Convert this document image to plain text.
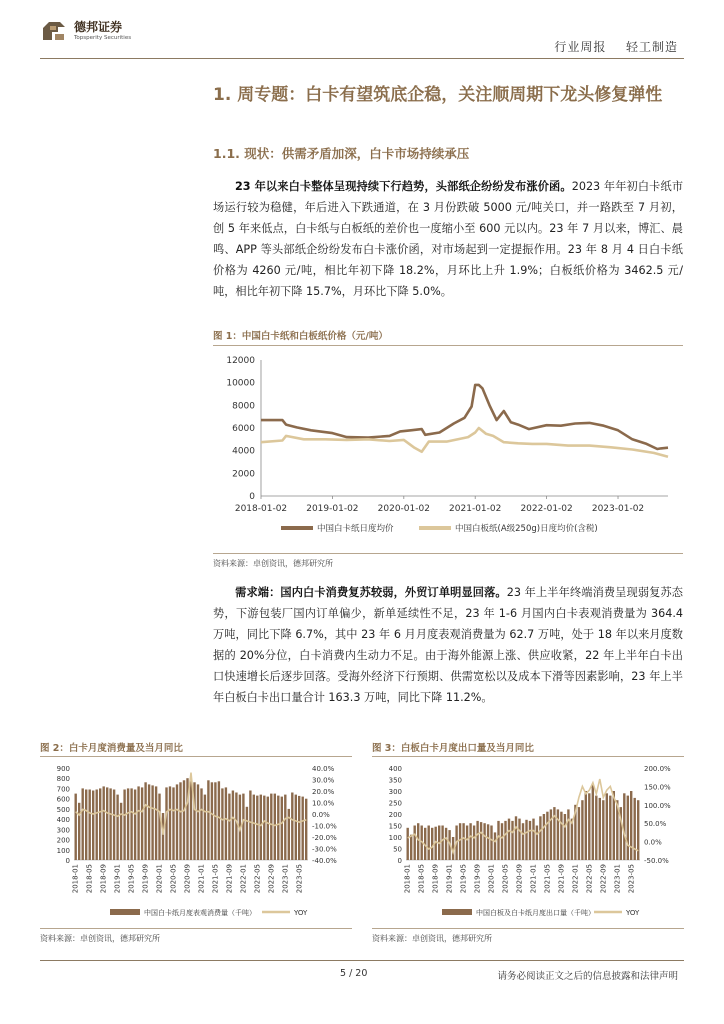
德邦证券
Topsperity Securities
行业周报 轻工制造
1. 周专题：白卡有望筑底企稳，关注顺周期下龙头修复弹性
1.1. 现状：供需矛盾加深，白卡市场持续承压
23 年以来白卡整体呈现持续下行趋势，头部纸企纷纷发布涨价函。2023 年年初白卡纸市场运行较为稳健，年后进入下跌通道，在 3 月份跌破 5000 元/吨关口，并一路跌至 7 月初，创 5 年来低点，白卡纸与白板纸的差价也一度缩小至 600 元以内。23 年 7 月以来，博汇、晨鸣、APP 等头部纸企纷纷发布白卡涨价函，对市场起到一定提振作用。23 年 8 月 4 日白卡纸价格为 4260 元/吨，相比年初下降 18.2%，月环比上升 1.9%；白板纸价格为 3462.5 元/吨，相比年初下降 15.7%，月环比下降 5.0%。
图 1：中国白卡纸和白板纸价格（元/吨）
0
2000
4000
6000
8000
10000
12000
2018-01-02 2019-01-02 2020-01-02 2021-01-02 2022-01-02 2023-01-02
中国白卡纸日度均价	中国白板纸(A级250g)日度均价(含税)
资料来源：卓创资讯，德邦研究所
需求端：国内白卡消费复苏较弱，外贸订单明显回落。23 年上半年终端消费呈现弱复苏态势，下游包装厂国内订单偏少，新单延续性不足，23 年 1-6 月国内白卡表观消费量为 364.4 万吨，同比下降 6.7%，其中 23 年 6 月月度表观消费量为 62.7 万吨，处于 18 年以来月度数据的 20%分位，白卡消费内生动力不足。由于海外能源上涨、供应收紧，22 年上半年白卡出口快速增长后逐步回落。受海外经济下行预期、供需宽松以及成本下滑等因素影响，23 年上半年白板白卡出口量合计 163.3 万吨，同比下降 11.2%。
图 2：白卡月度消费量及当月同比
0
100
200
300
400
500
600
700
800
900
-40.0%
-30.0%
-20.0%
-10.0%
0.0%
10.0%
20.0%
30.0%
40.0%
2018-01 2018-05 2018-09 2019-01 2019-05 2019-09 2020-01 2020-05 2020-09 2021-01 2021-05 2021-09 2022-01 2022-05 2022-09 2023-01 2023-05
中国白卡纸月度表观消费量（千吨）	YOY
资料来源：卓创资讯，德邦研究所
图 3：白板白卡月度出口量及当月同比
0
50
100
150
200
250
300
350
400
-50.0%
0.0%
50.0%
100.0%
150.0%
200.0%
2018-01 2018-05 2018-09 2019-01 2019-05 2019-09 2020-01 2020-05 2020-09 2021-01 2021-05 2021-09 2022-01 2022-05 2022-09 2023-01 2023-05
中国白板及白卡纸月度出口量（千吨）	YOY
资料来源：卓创资讯，德邦研究所
5 / 20	请务必阅读正文之后的信息披露和法律声明
